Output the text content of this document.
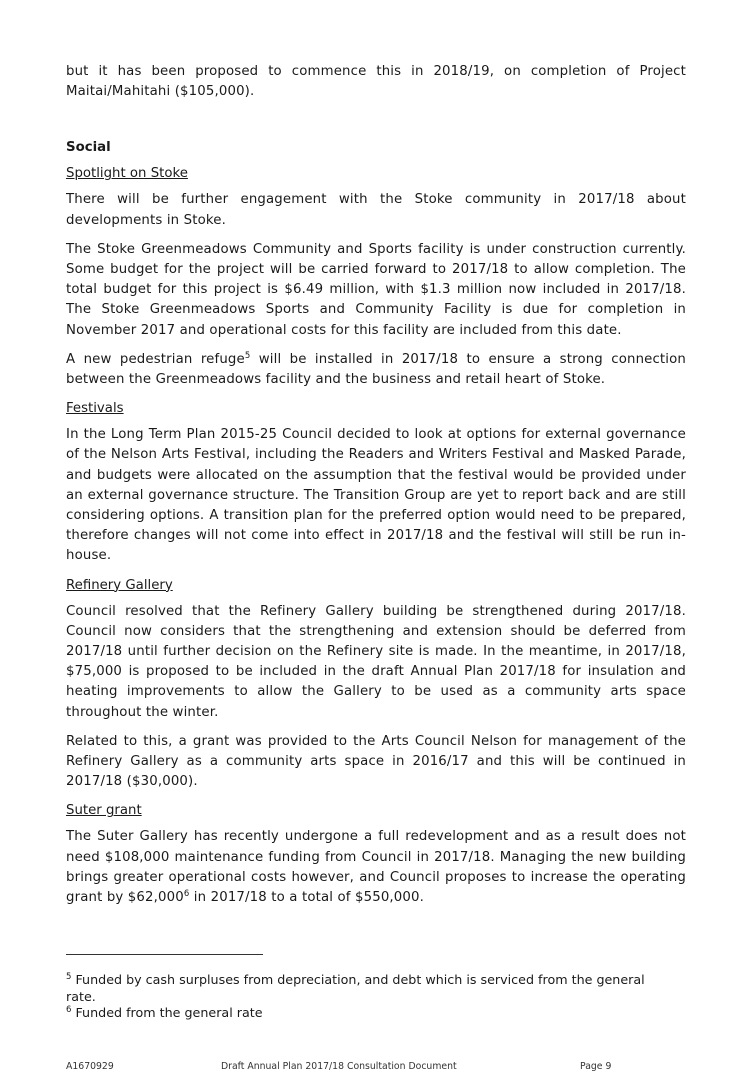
but it has been proposed to commence this in 2018/19, on completion of Project Maitai/Mahitahi ($105,000).

Social
Spotlight on Stoke

There will be further engagement with the Stoke community in 2017/18 about developments in Stoke.

The Stoke Greenmeadows Community and Sports facility is under construction currently. Some budget for the project will be carried forward to 2017/18 to allow completion. The total budget for this project is $6.49 million, with $1.3 million now included in 2017/18. The Stoke Greenmeadows Sports and Community Facility is due for completion in November 2017 and operational costs for this facility are included from this date.

A new pedestrian refuge$^5$ will be installed in 2017/18 to ensure a strong connection between the Greenmeadows facility and the business and retail heart of Stoke.

Festivals

In the Long Term Plan 2015-25 Council decided to look at options for external governance of the Nelson Arts Festival, including the Readers and Writers Festival and Masked Parade, and budgets were allocated on the assumption that the festival would be provided under an external governance structure. The Transition Group are yet to report back and are still considering options. A transition plan for the preferred option would need to be prepared, therefore changes will not come into effect in 2017/18 and the festival will still be run in-house.

Refinery Gallery

Council resolved that the Refinery Gallery building be strengthened during 2017/18. Council now considers that the strengthening and extension should be deferred from 2017/18 until further decision on the Refinery site is made. In the meantime, in 2017/18, $75,000 is proposed to be included in the draft Annual Plan 2017/18 for insulation and heating improvements to allow the Gallery to be used as a community arts space throughout the winter.

Related to this, a grant was provided to the Arts Council Nelson for management of the Refinery Gallery as a community arts space in 2016/17 and this will be continued in 2017/18 ($30,000).

Suter grant

The Suter Gallery has recently undergone a full redevelopment and as a result does not need $108,000 maintenance funding from Council in 2017/18. Managing the new building brings greater operational costs however, and Council proposes to increase the operating grant by $62,000$^6$ in 2017/18 to a total of $550,000.

$^5$ Funded by cash surpluses from depreciation, and debt which is serviced from the general rate.
$^6$ Funded from the general rate
A1670929	Draft Annual Plan 2017/18 Consultation Document	Page 9
